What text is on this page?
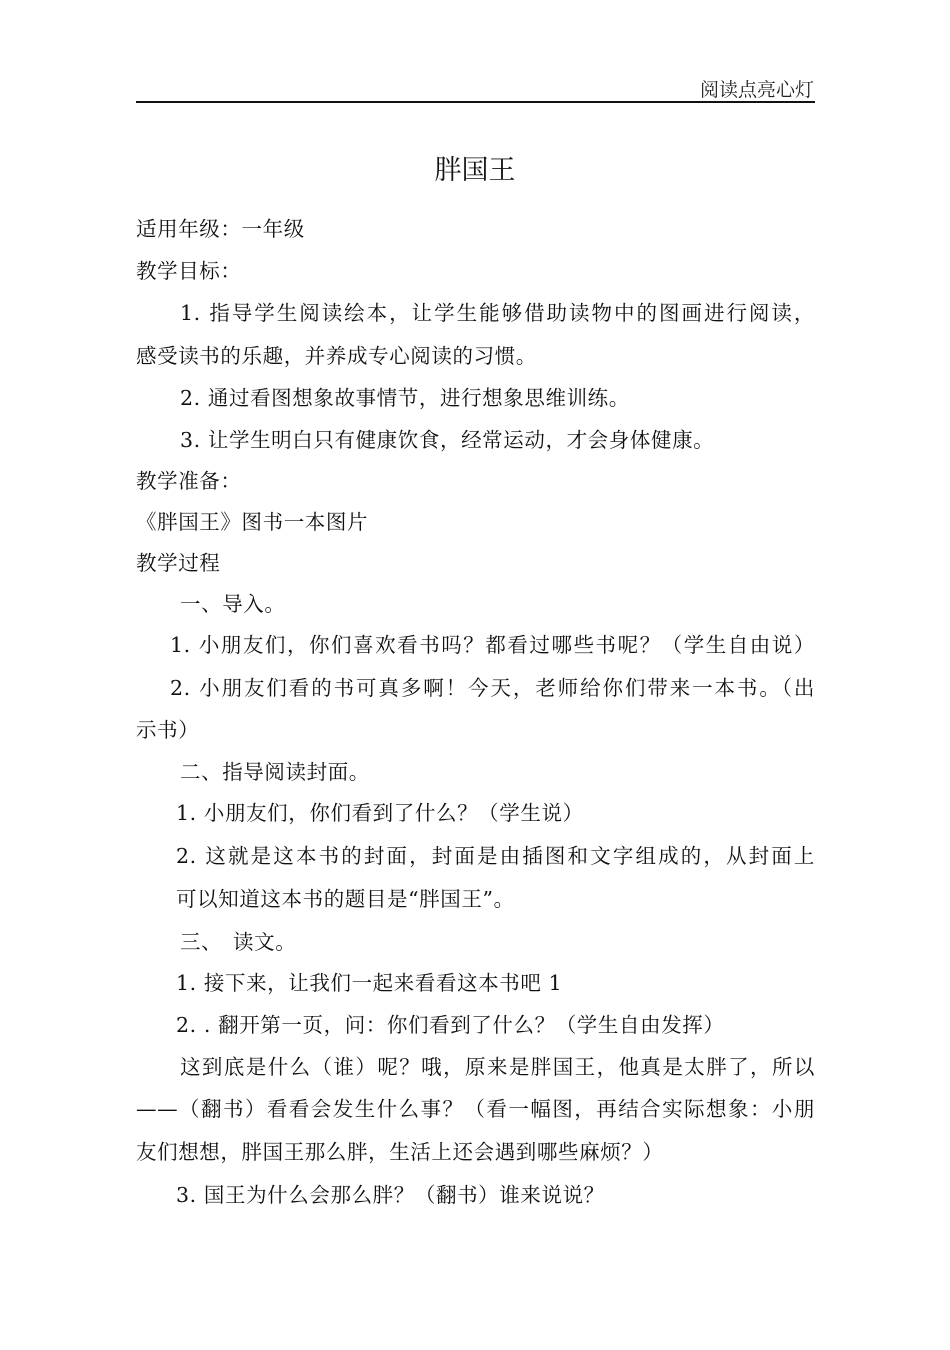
阅读点亮心灯
胖国王
适用年级：一年级
教学目标：
1. 指导学生阅读绘本，让学生能够借助读物中的图画进行阅读，
感受读书的乐趣，并养成专心阅读的习惯。
2. 通过看图想象故事情节，进行想象思维训练。
3. 让学生明白只有健康饮食，经常运动，才会身体健康。
教学准备：
《胖国王》图书一本图片
教学过程
一、导入。
1. 小朋友们，你们喜欢看书吗？都看过哪些书呢？（学生自由说）
2. 小朋友们看的书可真多啊！今天，老师给你们带来一本书。（出
示书）
二、指导阅读封面。
1. 小朋友们，你们看到了什么？（学生说）
2. 这就是这本书的封面，封面是由插图和文字组成的，从封面上
可以知道这本书的题目是“胖国王”。
三、　读文。
1. 接下来，让我们一起来看看这本书吧 1
2. . 翻开第一页，问：你们看到了什么？（学生自由发挥）
这到底是什么（谁）呢？哦，原来是胖国王，他真是太胖了，所以
——（翻书）看看会发生什么事？（看一幅图，再结合实际想象：小朋
友们想想，胖国王那么胖，生活上还会遇到哪些麻烦？）
3. 国王为什么会那么胖？（翻书）谁来说说？
